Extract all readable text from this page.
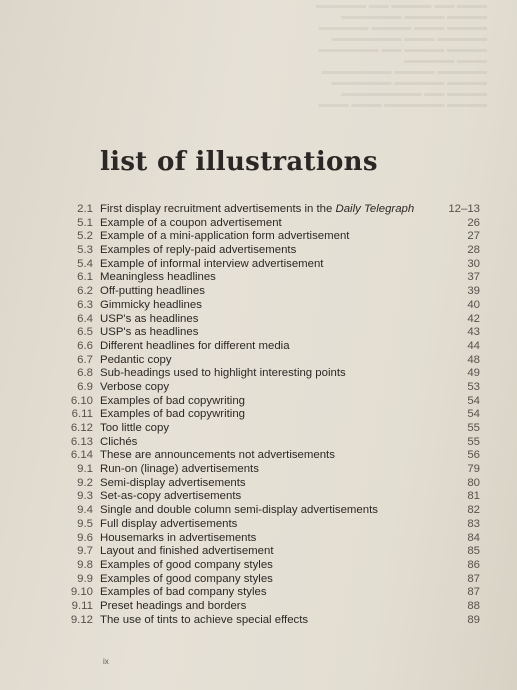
▬▬▬ ▬▬ ▬▬▬▬ ▬▬ ▬▬▬▬▬
▬▬▬▬ ▬▬▬▬ ▬▬▬▬▬▬
▬▬▬▬ ▬▬▬ ▬▬▬▬ ▬▬▬▬▬
▬▬▬▬▬ ▬▬▬ ▬▬▬▬▬▬▬
▬▬▬▬ ▬▬▬▬ ▬▬ ▬▬▬▬▬▬
▬▬▬ ▬▬▬▬▬
▬▬▬▬▬ ▬▬▬▬ ▬▬▬▬▬▬▬
▬▬▬▬ ▬▬▬▬▬ ▬▬▬▬▬▬
▬▬▬▬ ▬▬ ▬▬▬▬▬▬▬▬
▬▬▬▬ ▬▬▬▬▬▬ ▬▬▬ ▬▬▬
list of illustrations
2.1 First display recruitment advertisements in the Daily Telegraph	12–13
5.1 Example of a coupon advertisement	26
5.2 Example of a mini-application form advertisement	27
5.3 Examples of reply-paid advertisements	28
5.4 Example of informal interview advertisement	30
6.1 Meaningless headlines	37
6.2 Off-putting headlines	39
6.3 Gimmicky headlines	40
6.4 USP's as headlines	42
6.5 USP's as headlines	43
6.6 Different headlines for different media	44
6.7 Pedantic copy	48
6.8 Sub-headings used to highlight interesting points	49
6.9 Verbose copy	53
6.10 Examples of bad copywriting	54
6.11 Examples of bad copywriting	54
6.12 Too little copy	55
6.13 Clichés	55
6.14 These are announcements not advertisements	56
9.1 Run-on (linage) advertisements	79
9.2 Semi-display advertisements	80
9.3 Set-as-copy advertisements	81
9.4 Single and double column semi-display advertisements	82
9.5 Full display advertisements	83
9.6 Housemarks in advertisements	84
9.7 Layout and finished advertisement	85
9.8 Examples of good company styles	86
9.9 Examples of good company styles	87
9.10 Examples of bad company styles	87
9.11 Preset headings and borders	88
9.12 The use of tints to achieve special effects	89
ix
